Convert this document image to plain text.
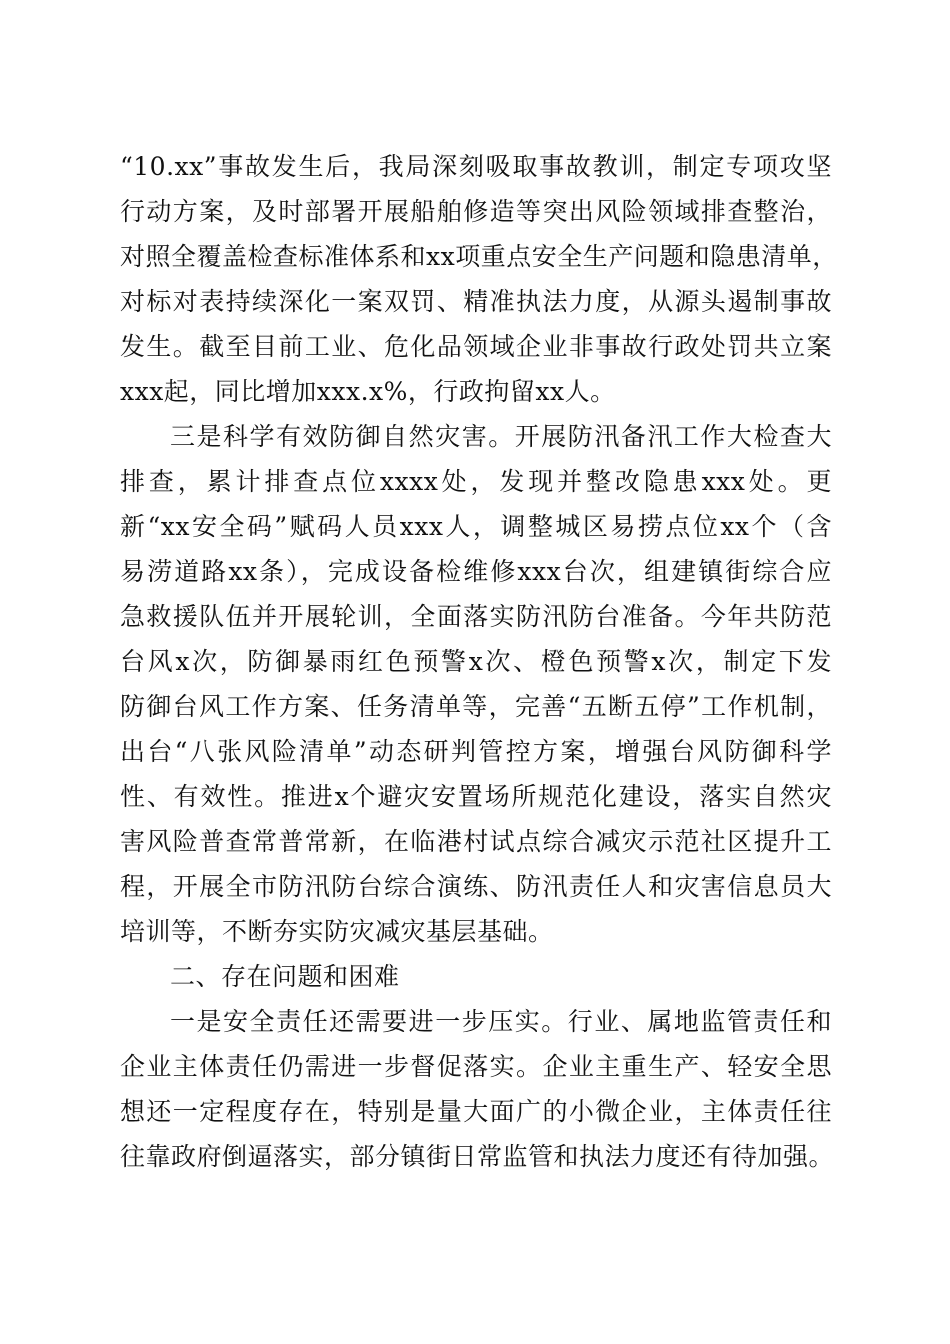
“10.xx”事故发生后，我局深刻吸取事故教训，制定专项攻坚
行动方案，及时部署开展船舶修造等突出风险领域排查整治，
对照全覆盖检查标准体系和xx项重点安全生产问题和隐患清单，
对标对表持续深化一案双罚、精准执法力度，从源头遏制事故
发生。截至目前工业、危化品领域企业非事故行政处罚共立案
xxx起，同比增加xxx.x%，行政拘留xx人。
三是科学有效防御自然灾害。开展防汛备汛工作大检查大
排查，累计排查点位xxxx处，发现并整改隐患xxx处。更
新“xx安全码”赋码人员xxx人，调整城区易捞点位xx个（含
易涝道路xx条），完成设备检维修xxx台次，组建镇街综合应
急救援队伍并开展轮训，全面落实防汛防台准备。今年共防范
台风x次，防御暴雨红色预警x次、橙色预警x次，制定下发
防御台风工作方案、任务清单等，完善“五断五停”工作机制，
出台“八张风险清单”动态研判管控方案，增强台风防御科学
性、有效性。推进x个避灾安置场所规范化建设，落实自然灾
害风险普查常普常新，在临港村试点综合减灾示范社区提升工
程，开展全市防汛防台综合演练、防汛责任人和灾害信息员大
培训等，不断夯实防灾减灾基层基础。
二、存在问题和困难
一是安全责任还需要进一步压实。行业、属地监管责任和
企业主体责任仍需进一步督促落实。企业主重生产、轻安全思
想还一定程度存在，特别是量大面广的小微企业，主体责任往
往靠政府倒逼落实，部分镇街日常监管和执法力度还有待加强。
